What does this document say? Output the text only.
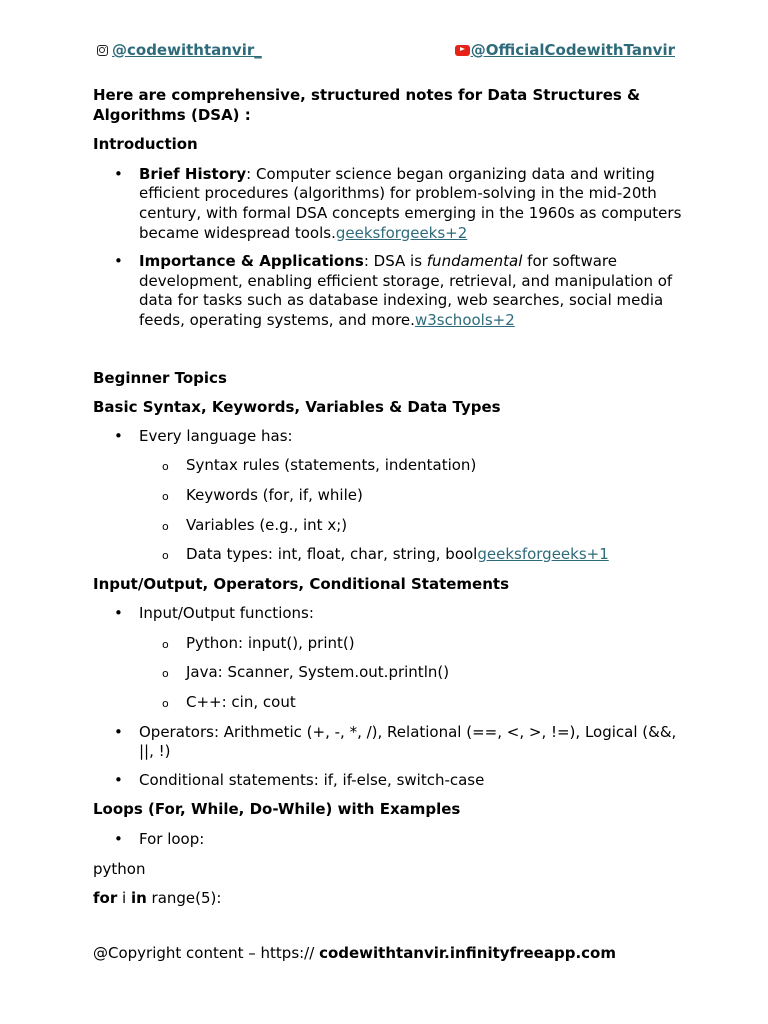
@codewithtanvir_	@OfficialCodewithTanvir

Here are comprehensive, structured notes for Data Structures & Algorithms (DSA) :

Introduction

• Brief History: Computer science began organizing data and writing efficient procedures (algorithms) for problem-solving in the mid-20th century, with formal DSA concepts emerging in the 1960s as computers became widespread tools.geeksforgeeks+2
• Importance & Applications: DSA is fundamental for software development, enabling efficient storage, retrieval, and manipulation of data for tasks such as database indexing, web searches, social media feeds, operating systems, and more.w3schools+2

Beginner Topics

Basic Syntax, Keywords, Variables & Data Types

• Every language has:
o Syntax rules (statements, indentation)
o Keywords (for, if, while)
o Variables (e.g., int x;)
o Data types: int, float, char, string, boolgeeksforgeeks+1

Input/Output, Operators, Conditional Statements

• Input/Output functions:
o Python: input(), print()
o Java: Scanner, System.out.println()
o C++: cin, cout
• Operators: Arithmetic (+, -, *, /), Relational (==, <, >, !=), Logical (&&, ||, !)
• Conditional statements: if, if-else, switch-case

Loops (For, While, Do-While) with Examples

• For loop:

python

for i in range(5):

@Copyright content – https:// codewithtanvir.infinityfreeapp.com
